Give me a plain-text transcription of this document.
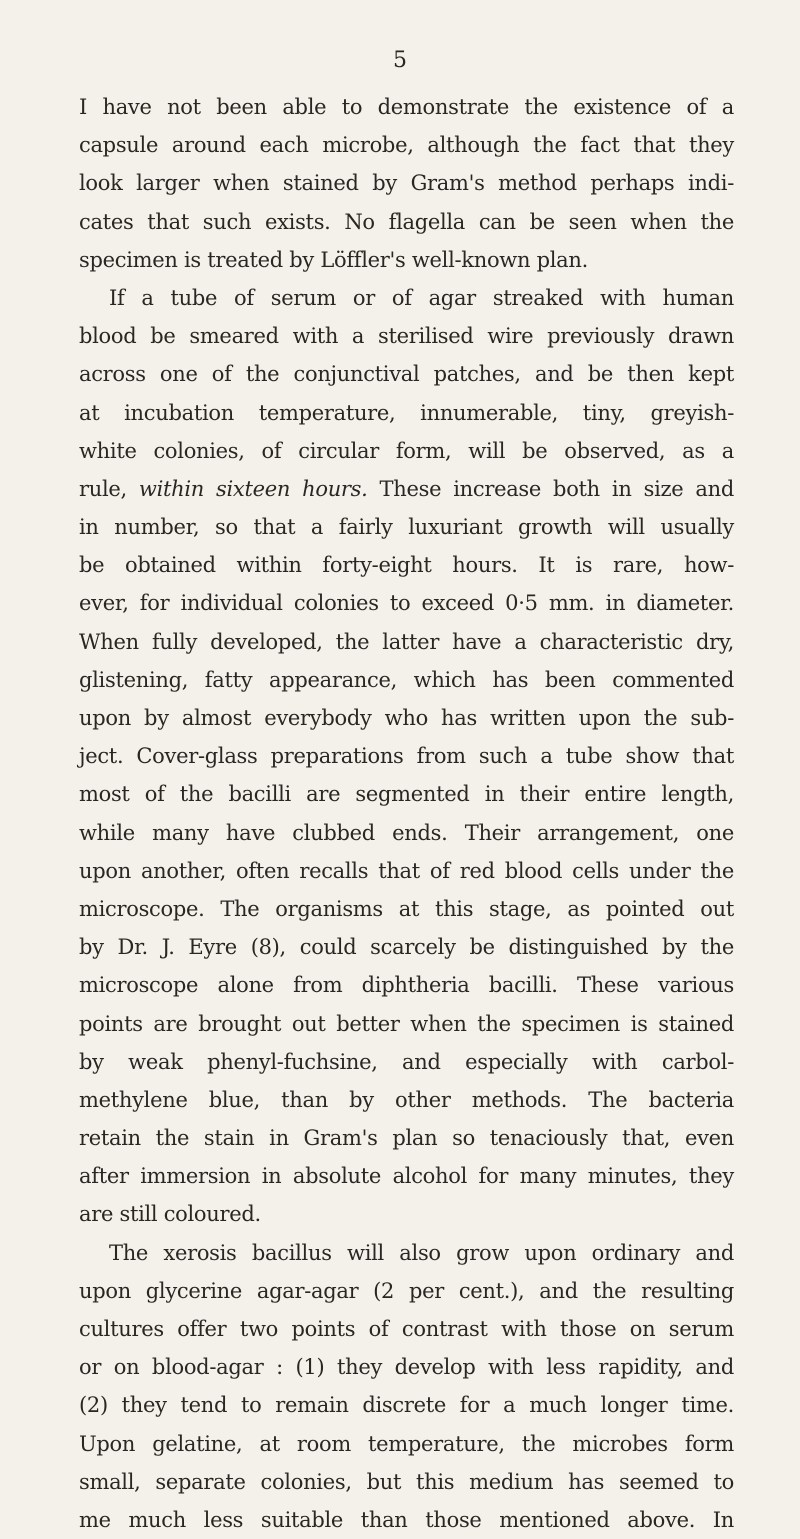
5
I have not been able to demonstrate the existence of a
capsule around each microbe, although the fact that they
look larger when stained by Gram's method perhaps indi-
cates that such exists. No flagella can be seen when the
specimen is treated by Löffler's well-known plan.
If a tube of serum or of agar streaked with human
blood be smeared with a sterilised wire previously drawn
across one of the conjunctival patches, and be then kept
at incubation temperature, innumerable, tiny, greyish-
white colonies, of circular form, will be observed, as a
rule, within sixteen hours. These increase both in size and
in number, so that a fairly luxuriant growth will usually
be obtained within forty-eight hours. It is rare, how-
ever, for individual colonies to exceed 0·5 mm. in diameter.
When fully developed, the latter have a characteristic dry,
glistening, fatty appearance, which has been commented
upon by almost everybody who has written upon the sub-
ject. Cover-glass preparations from such a tube show that
most of the bacilli are segmented in their entire length,
while many have clubbed ends. Their arrangement, one
upon another, often recalls that of red blood cells under the
microscope. The organisms at this stage, as pointed out
by Dr. J. Eyre (8), could scarcely be distinguished by the
microscope alone from diphtheria bacilli. These various
points are brought out better when the specimen is stained
by weak phenyl-fuchsine, and especially with carbol-
methylene blue, than by other methods. The bacteria
retain the stain in Gram's plan so tenaciously that, even
after immersion in absolute alcohol for many minutes, they
are still coloured.
The xerosis bacillus will also grow upon ordinary and
upon glycerine agar-agar (2 per cent.), and the resulting
cultures offer two points of contrast with those on serum
or on blood-agar : (1) they develop with less rapidity, and
(2) they tend to remain discrete for a much longer time.
Upon gelatine, at room temperature, the microbes form
small, separate colonies, but this medium has seemed to
me much less suitable than those mentioned above. In
